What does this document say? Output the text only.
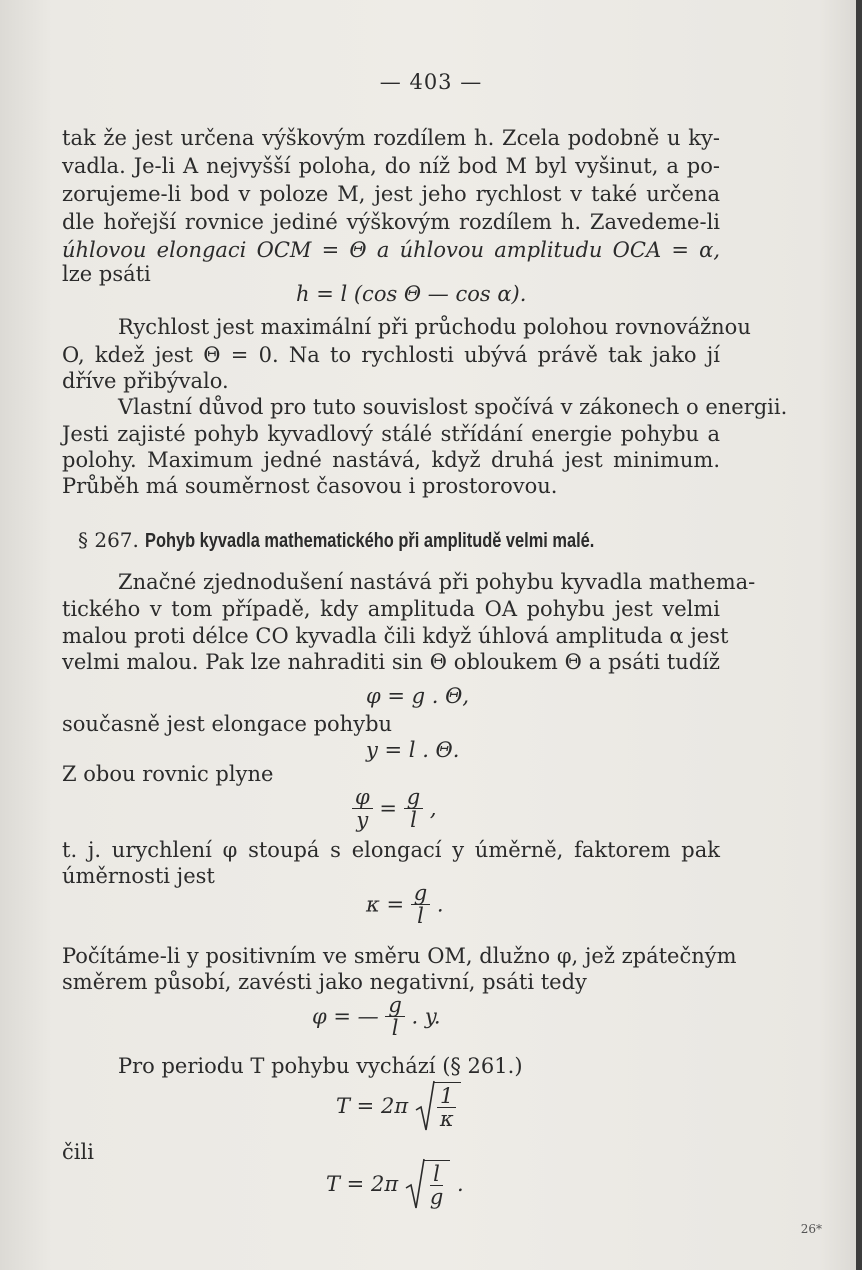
— 403 —
tak že jest určena výškovým rozdílem h. Zcela podobně u ky-
vadla. Je-li A nejvyšší poloha, do níž bod M byl vyšinut, a po-
zorujeme-li bod v poloze M, jest jeho rychlost v také určena
dle hořejší rovnice jediné výškovým rozdílem h. Zavedeme-li
úhlovou elongaci OCM = Θ a úhlovou amplitudu OCA = α,
lze psáti
h = l (cos Θ — cos α).
Rychlost jest maximální při průchodu polohou rovnovážnou
O, kdež jest Θ = 0. Na to rychlosti ubývá právě tak jako jí
dříve přibývalo.
Vlastní důvod pro tuto souvislost spočívá v zákonech o energii.
Jesti zajisté pohyb kyvadlový stálé střídání energie pohybu a
polohy. Maximum jedné nastává, když druhá jest minimum.
Průběh má souměrnost časovou i prostorovou.
§ 267. Pohyb kyvadla mathematického při amplitudě velmi malé.
Značné zjednodušení nastává při pohybu kyvadla mathema-
tického v tom případě, kdy amplituda OA pohybu jest velmi
malou proti délce CO kyvadla čili když úhlová amplituda α jest
velmi malou. Pak lze nahraditi sin Θ obloukem Θ a psáti tudíž
φ = g . Θ,
současně jest elongace pohybu
y = l . Θ.
Z obou rovnic plyne
$\frac{\varphi}{y} = \frac{g}{l}$ ,
t. j. urychlení φ stoupá s elongací y úměrně, faktorem pak
úměrnosti jest
$\kappa = \frac{g}{l}$ .
Počítáme-li y positivním ve směru OM, dlužno φ, jež zpátečným
směrem působí, zavésti jako negativní, psáti tedy
φ = — $\frac{g}{l}$ . y.
Pro periodu T pohybu vychází (§ 261.)
$T = 2\pi \frac{1}{\kappa}$
čili
$T = 2\pi \frac{l}{g}$ .
26*
